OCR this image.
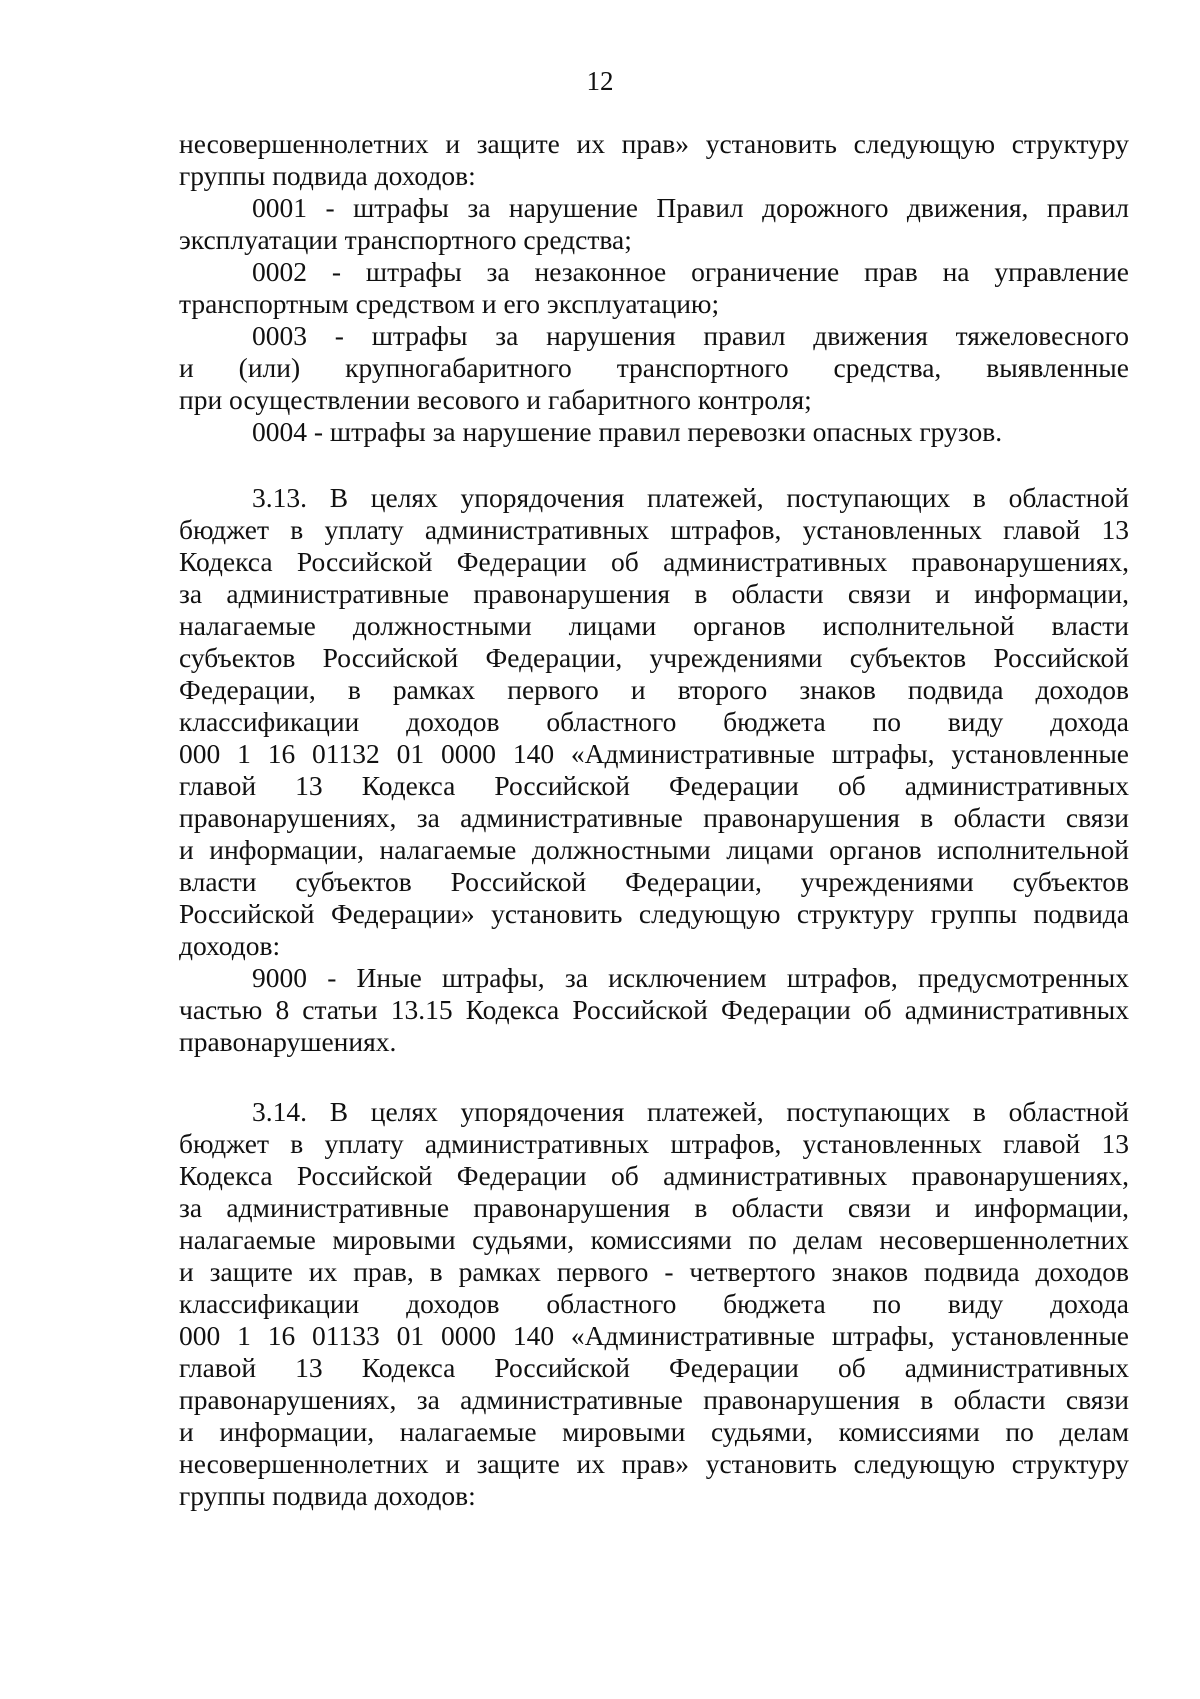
12
несовершеннолетних и защите их прав» установить следующую структуру
группы подвида доходов:
0001 - штрафы за нарушение Правил дорожного движения, правил
эксплуатации транспортного средства;
0002 - штрафы за незаконное ограничение прав на управление
транспортным средством и его эксплуатацию;
0003 - штрафы за нарушения правил движения тяжеловесного
и (или) крупногабаритного транспортного средства, выявленные
при осуществлении весового и габаритного контроля;
0004 - штрафы за нарушение правил перевозки опасных грузов.
3.13. В целях упорядочения платежей, поступающих в областной
бюджет в уплату административных штрафов, установленных главой 13
Кодекса Российской Федерации об административных правонарушениях,
за административные правонарушения в области связи и информации,
налагаемые должностными лицами органов исполнительной власти
субъектов Российской Федерации, учреждениями субъектов Российской
Федерации, в рамках первого и второго знаков подвида доходов
классификации доходов областного бюджета по виду дохода
000 1 16 01132 01 0000 140 «Административные штрафы, установленные
главой 13 Кодекса Российской Федерации об административных
правонарушениях, за административные правонарушения в области связи
и информации, налагаемые должностными лицами органов исполнительной
власти субъектов Российской Федерации, учреждениями субъектов
Российской Федерации» установить следующую структуру группы подвида
доходов:
9000 - Иные штрафы, за исключением штрафов, предусмотренных
частью 8 статьи 13.15 Кодекса Российской Федерации об административных
правонарушениях.
3.14. В целях упорядочения платежей, поступающих в областной
бюджет в уплату административных штрафов, установленных главой 13
Кодекса Российской Федерации об административных правонарушениях,
за административные правонарушения в области связи и информации,
налагаемые мировыми судьями, комиссиями по делам несовершеннолетних
и защите их прав, в рамках первого - четвертого знаков подвида доходов
классификации доходов областного бюджета по виду дохода
000 1 16 01133 01 0000 140 «Административные штрафы, установленные
главой 13 Кодекса Российской Федерации об административных
правонарушениях, за административные правонарушения в области связи
и информации, налагаемые мировыми судьями, комиссиями по делам
несовершеннолетних и защите их прав» установить следующую структуру
группы подвида доходов:
